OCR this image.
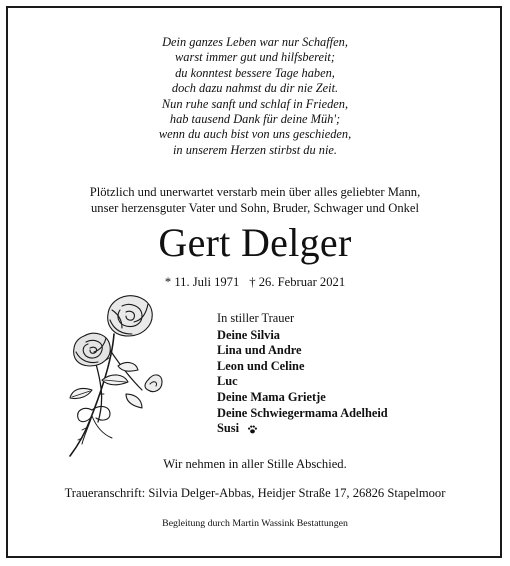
Dein ganzes Leben war nur Schaffen,
warst immer gut und hilfsbereit;
du konntest bessere Tage haben,
doch dazu nahmst du dir nie Zeit.
Nun ruhe sanft und schlaf in Frieden,
hab tausend Dank für deine Müh';
wenn du auch bist von uns geschieden,
in unserem Herzen stirbst du nie.
Plötzlich und unerwartet verstarb mein über alles geliebter Mann,
unser herzensguter Vater und Sohn, Bruder, Schwager und Onkel
Gert Delger
* 11. Juli 1971 † 26. Februar 2021
In stiller Trauer
Deine Silvia
Lina und Andre
Leon und Celine
Luc
Deine Mama Grietje
Deine Schwiegermama Adelheid
Susi
Wir nehmen in aller Stille Abschied.
Traueranschrift: Silvia Delger-Abbas, Heidjer Straße 17, 26826 Stapelmoor
Begleitung durch Martin Wassink Bestattungen
